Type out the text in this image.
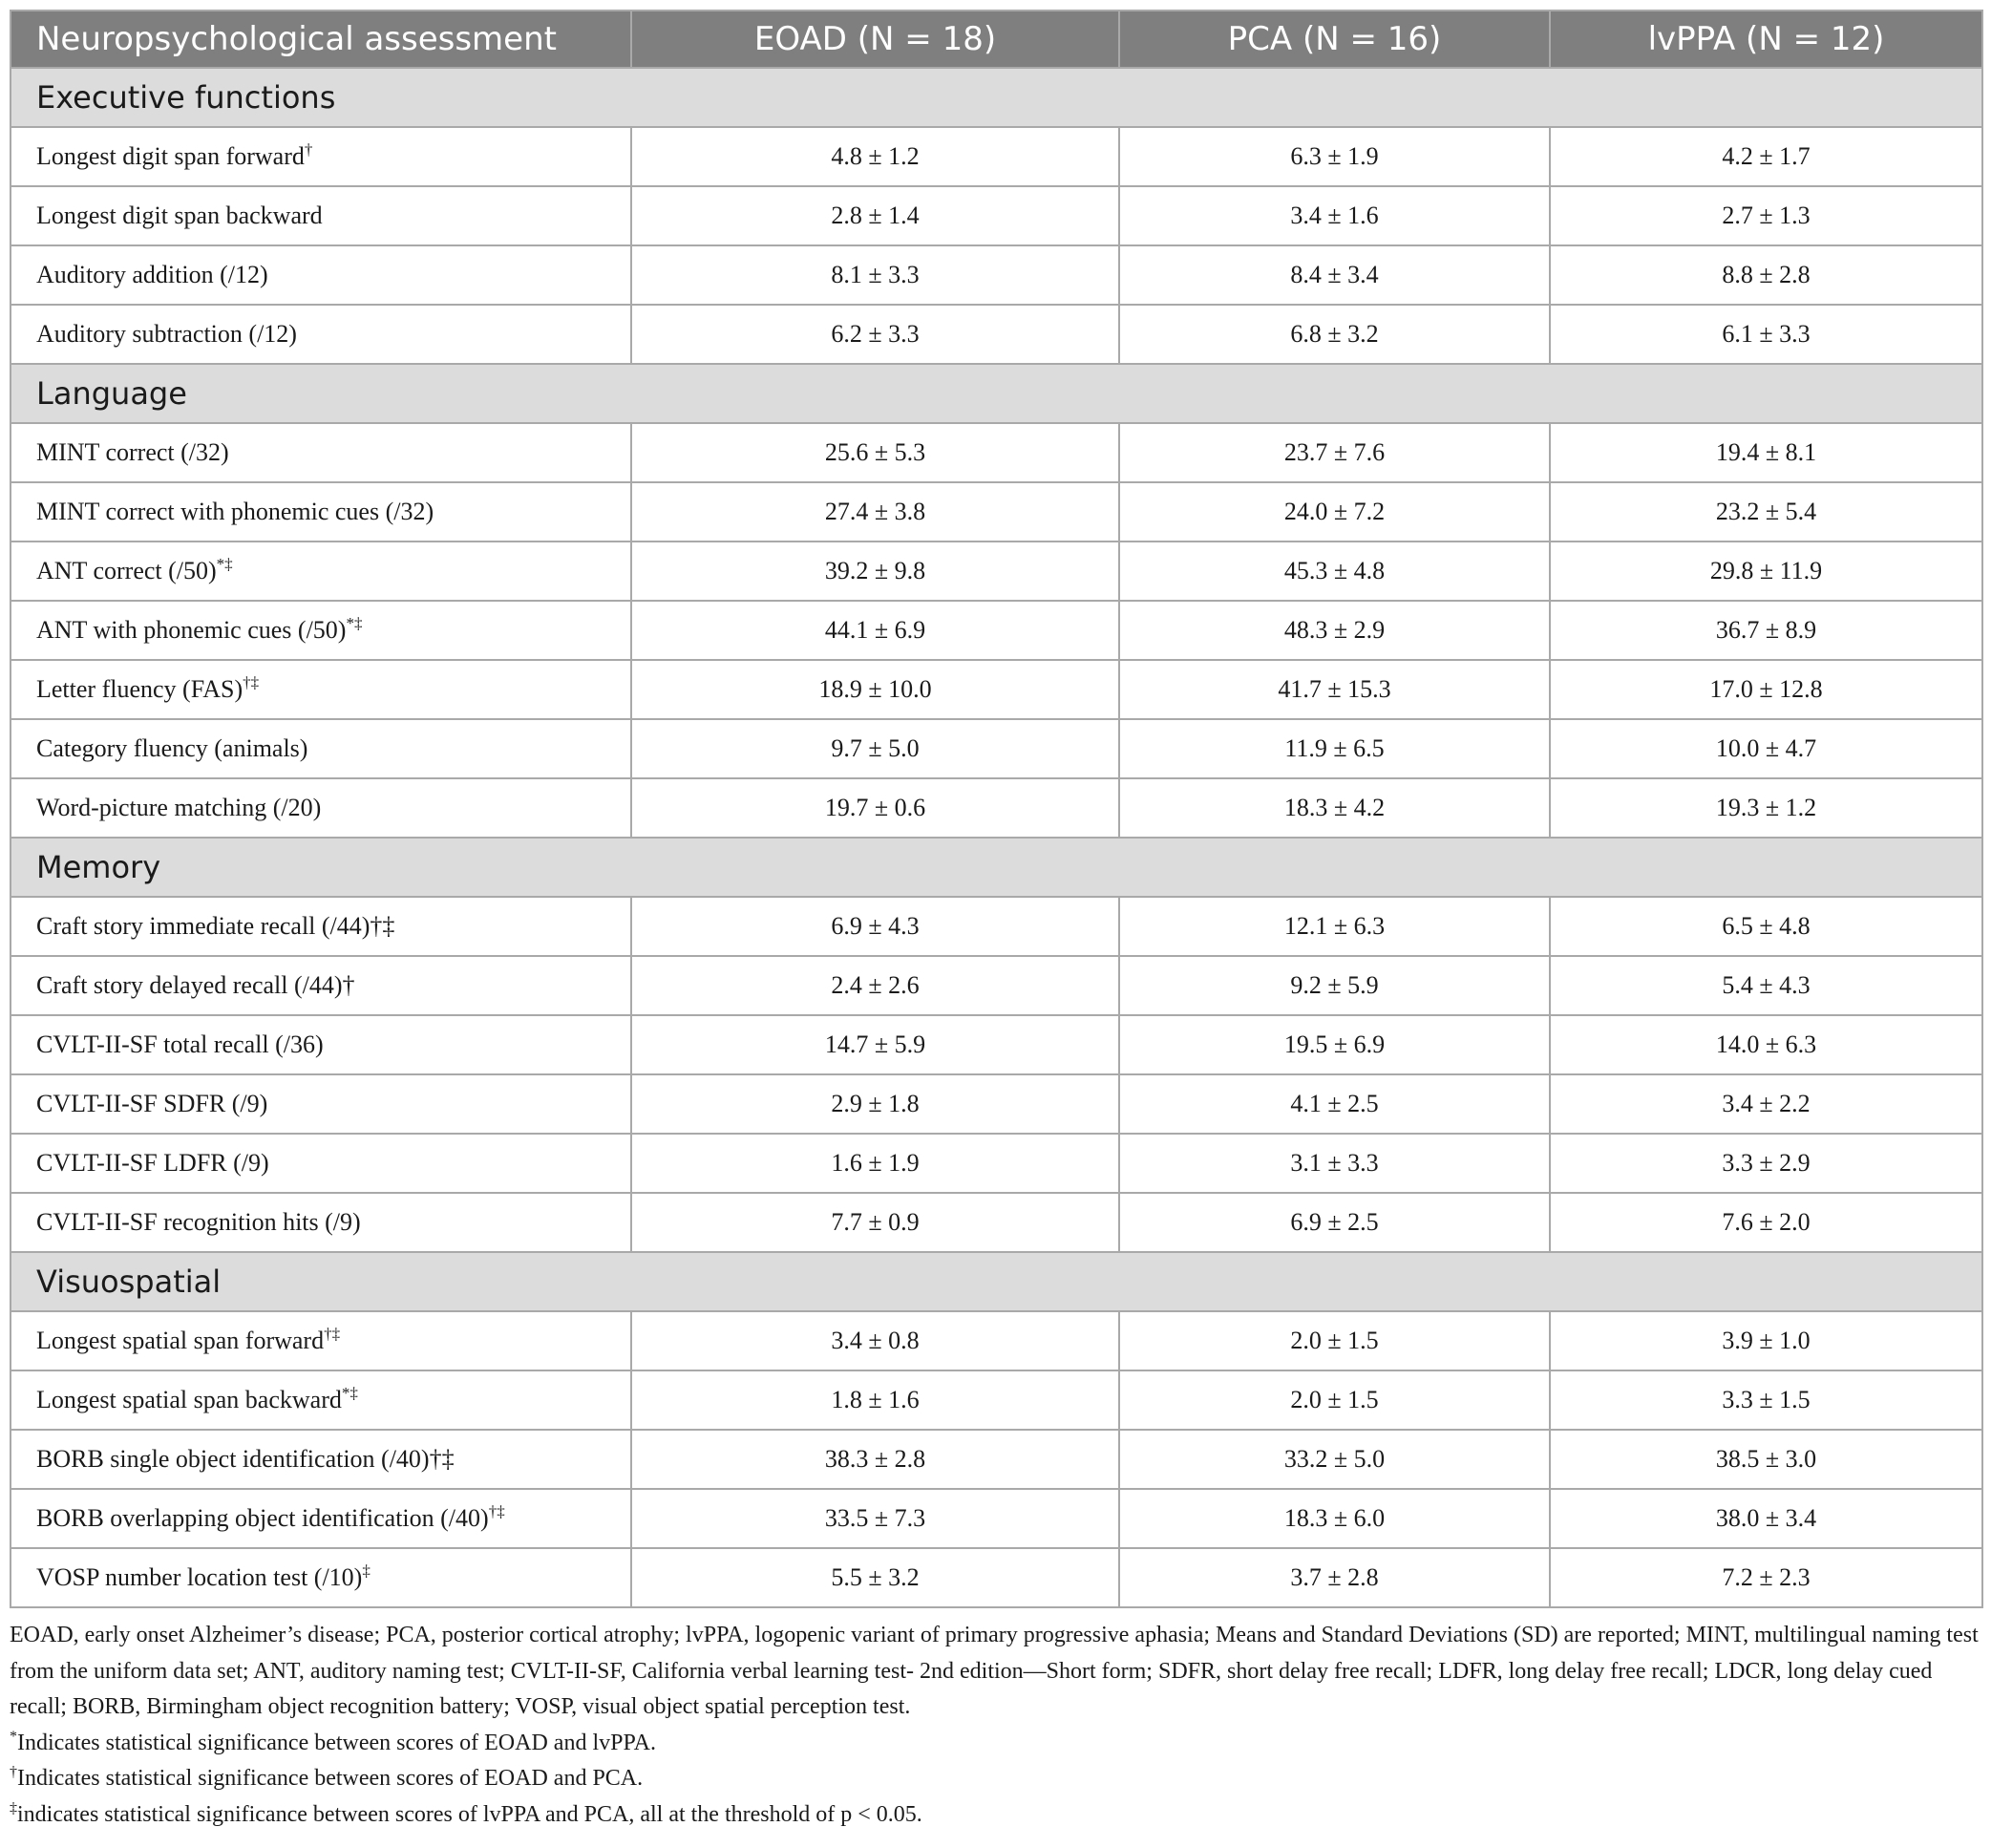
Neuropsychological assessment	EOAD (N = 18)	PCA (N = 16)	lvPPA (N = 12)
Executive functions			
Longest digit span forward†	4.8 ± 1.2	6.3 ± 1.9	4.2 ± 1.7
Longest digit span backward	2.8 ± 1.4	3.4 ± 1.6	2.7 ± 1.3
Auditory addition (/12)	8.1 ± 3.3	8.4 ± 3.4	8.8 ± 2.8
Auditory subtraction (/12)	6.2 ± 3.3	6.8 ± 3.2	6.1 ± 3.3
Language			
MINT correct (/32)	25.6 ± 5.3	23.7 ± 7.6	19.4 ± 8.1
MINT correct with phonemic cues (/32)	27.4 ± 3.8	24.0 ± 7.2	23.2 ± 5.4
ANT correct (/50)*‡	39.2 ± 9.8	45.3 ± 4.8	29.8 ± 11.9
ANT with phonemic cues (/50)*‡	44.1 ± 6.9	48.3 ± 2.9	36.7 ± 8.9
Letter fluency (FAS)†‡	18.9 ± 10.0	41.7 ± 15.3	17.0 ± 12.8
Category fluency (animals)	9.7 ± 5.0	11.9 ± 6.5	10.0 ± 4.7
Word-picture matching (/20)	19.7 ± 0.6	18.3 ± 4.2	19.3 ± 1.2
Memory			
Craft story immediate recall (/44)†‡	6.9 ± 4.3	12.1 ± 6.3	6.5 ± 4.8
Craft story delayed recall (/44)†	2.4 ± 2.6	9.2 ± 5.9	5.4 ± 4.3
CVLT-II-SF total recall (/36)	14.7 ± 5.9	19.5 ± 6.9	14.0 ± 6.3
CVLT-II-SF SDFR (/9)	2.9 ± 1.8	4.1 ± 2.5	3.4 ± 2.2
CVLT-II-SF LDFR (/9)	1.6 ± 1.9	3.1 ± 3.3	3.3 ± 2.9
CVLT-II-SF recognition hits (/9)	7.7 ± 0.9	6.9 ± 2.5	7.6 ± 2.0
Visuospatial			
Longest spatial span forward†‡	3.4 ± 0.8	2.0 ± 1.5	3.9 ± 1.0
Longest spatial span backward*‡	1.8 ± 1.6	2.0 ± 1.5	3.3 ± 1.5
BORB single object identification (/40)†‡	38.3 ± 2.8	33.2 ± 5.0	38.5 ± 3.0
BORB overlapping object identification (/40)†‡	33.5 ± 7.3	18.3 ± 6.0	38.0 ± 3.4
VOSP number location test (/10)‡	5.5 ± 3.2	3.7 ± 2.8	7.2 ± 2.3

EOAD, early onset Alzheimer’s disease; PCA, posterior cortical atrophy; lvPPA, logopenic variant of primary progressive aphasia; Means and Standard Deviations (SD) are reported; MINT, multilingual naming test from the uniform data set; ANT, auditory naming test; CVLT-II-SF, California verbal learning test- 2nd edition—Short form; SDFR, short delay free recall; LDFR, long delay free recall; LDCR, long delay cued recall; BORB, Birmingham object recognition battery; VOSP, visual object spatial perception test.

*Indicates statistical significance between scores of EOAD and lvPPA.

†Indicates statistical significance between scores of EOAD and PCA.

‡indicates statistical significance between scores of lvPPA and PCA, all at the threshold of p < 0.05.
